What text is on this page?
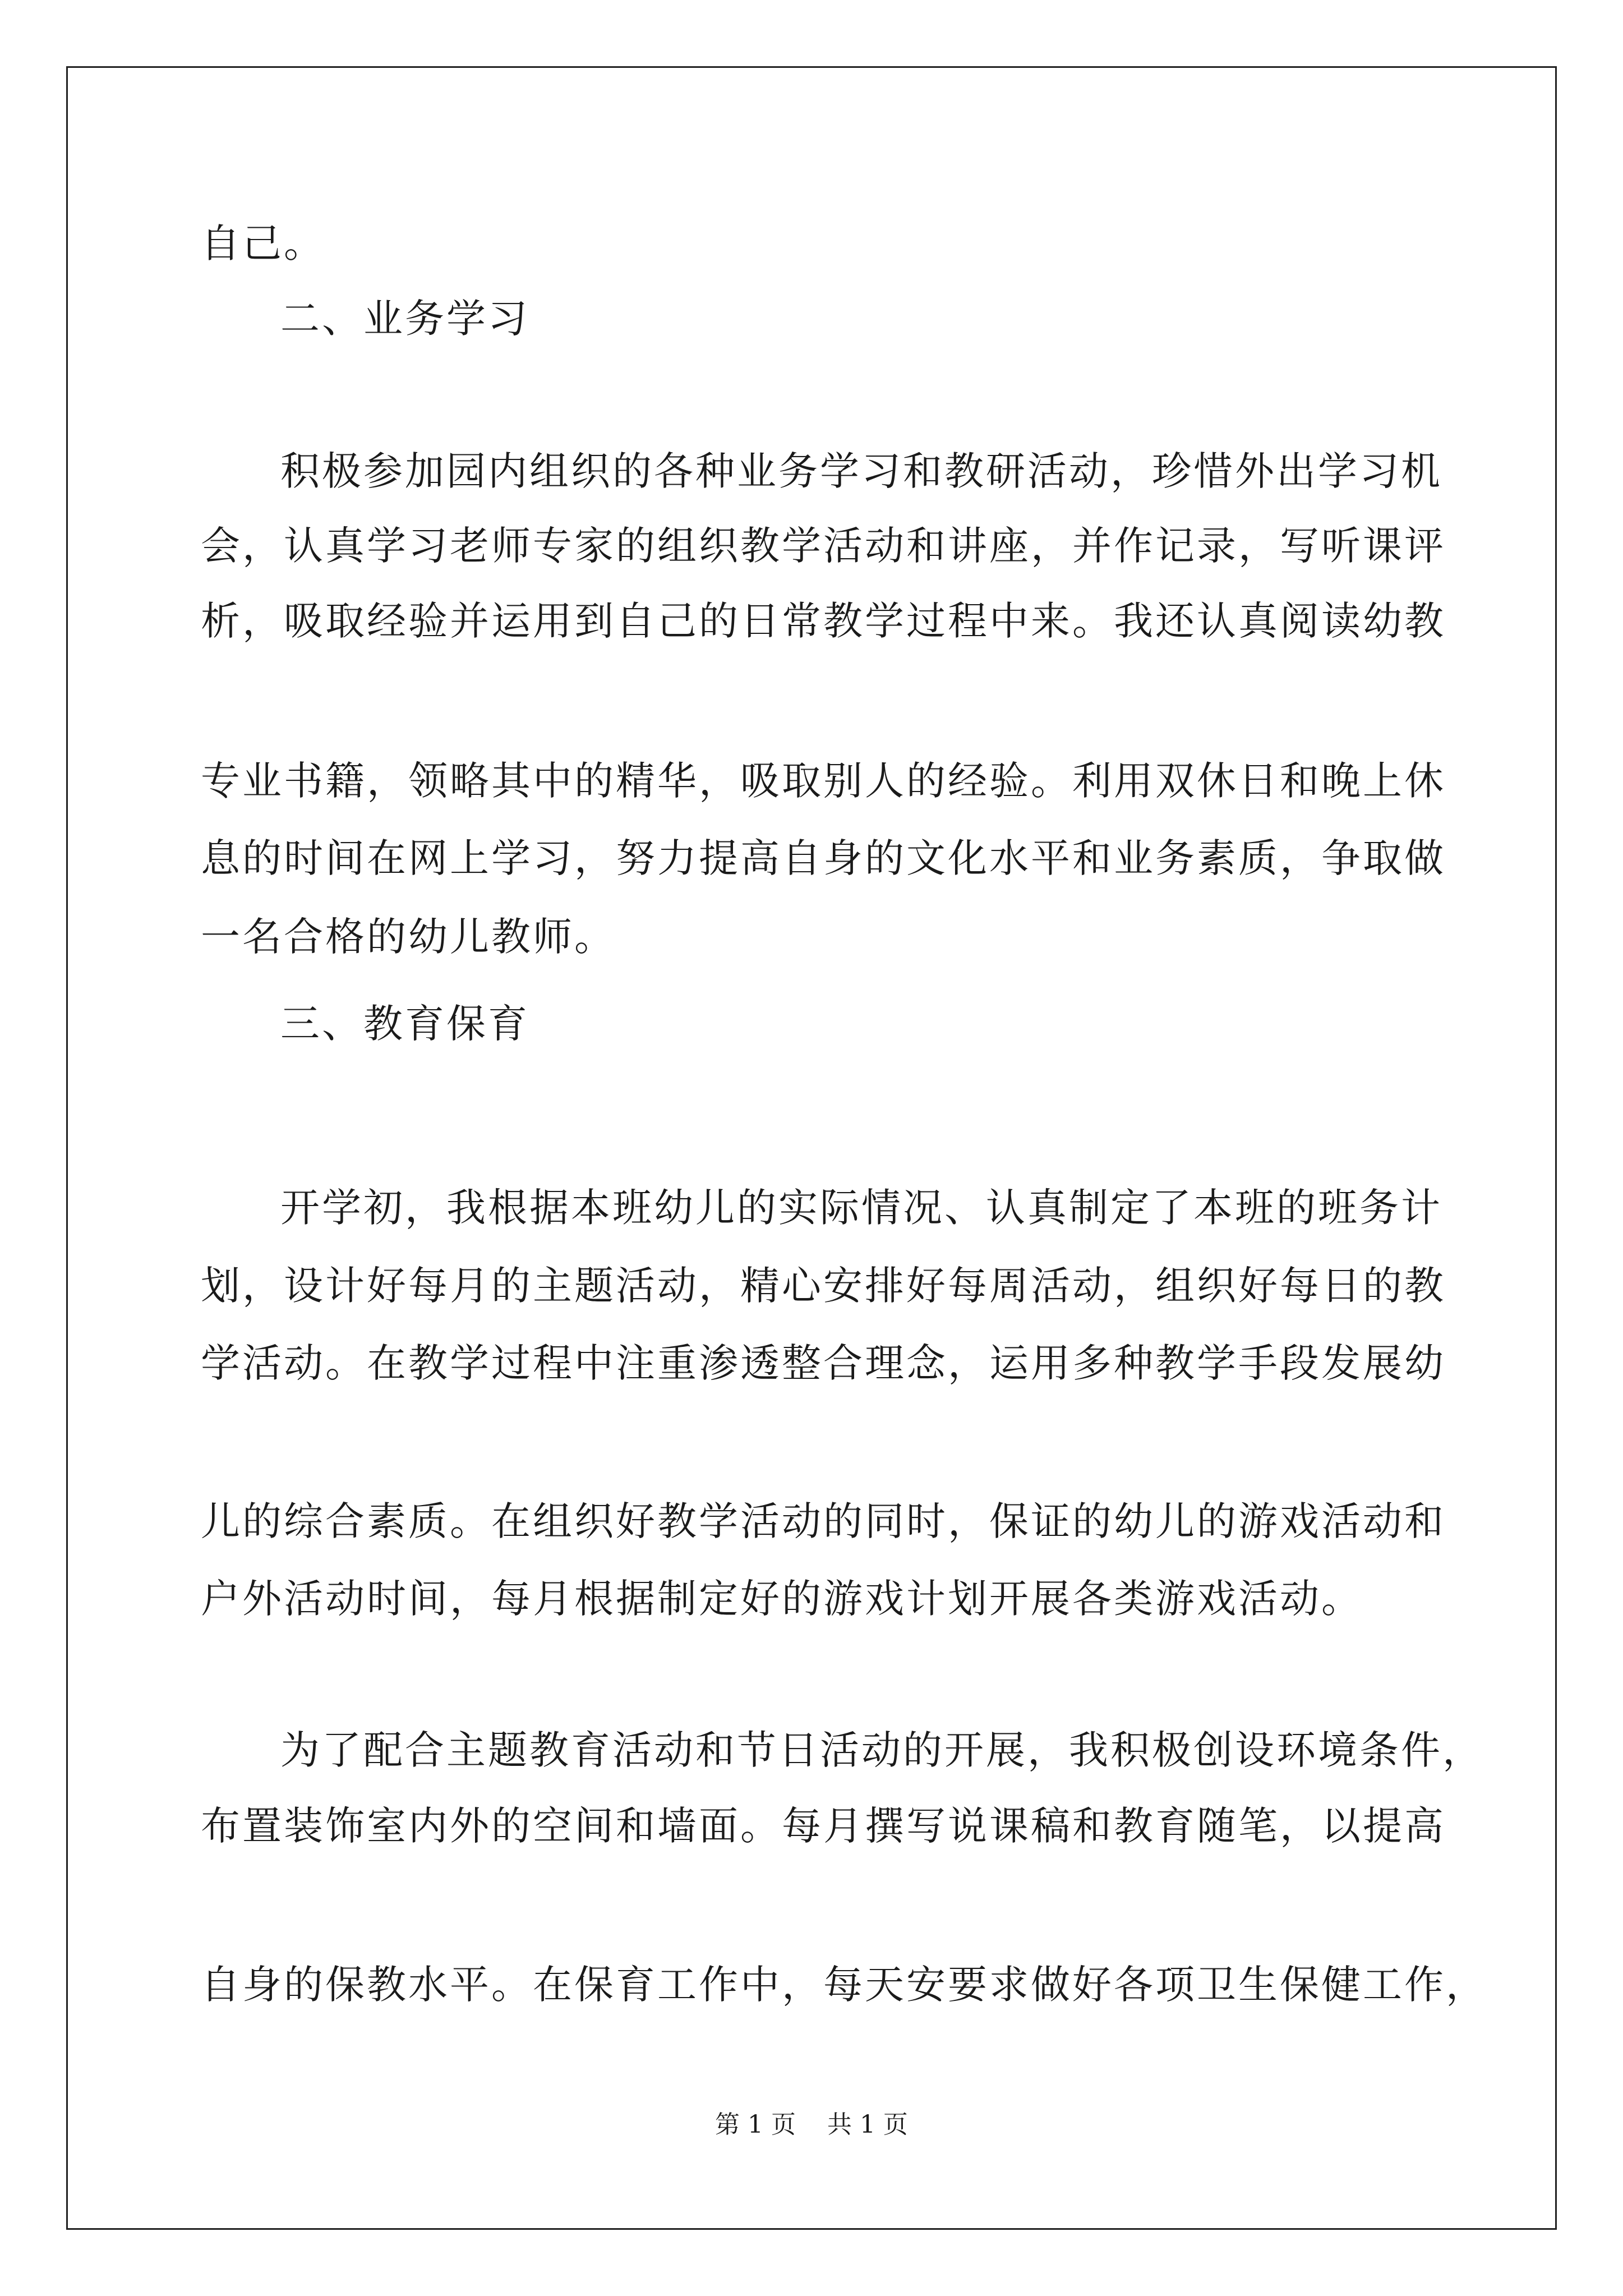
自己。

二、业务学习

积极参加园内组织的各种业务学习和教研活动，珍惜外出学习机

会，认真学习老师专家的组织教学活动和讲座，并作记录，写听课评

析，吸取经验并运用到自己的日常教学过程中来。我还认真阅读幼教

专业书籍，领略其中的精华，吸取别人的经验。利用双休日和晚上休

息的时间在网上学习，努力提高自身的文化水平和业务素质，争取做

一名合格的幼儿教师。

三、教育保育

开学初，我根据本班幼儿的实际情况、认真制定了本班的班务计

划，设计好每月的主题活动，精心安排好每周活动，组织好每日的教

学活动。在教学过程中注重渗透整合理念，运用多种教学手段发展幼

儿的综合素质。在组织好教学活动的同时，保证的幼儿的游戏活动和

户外活动时间，每月根据制定好的游戏计划开展各类游戏活动。

为了配合主题教育活动和节日活动的开展，我积极创设环境条件，

布置装饰室内外的空间和墙面。每月撰写说课稿和教育随笔，以提高

自身的保教水平。在保育工作中，每天安要求做好各项卫生保健工作，

第 1 页    共 1 页
